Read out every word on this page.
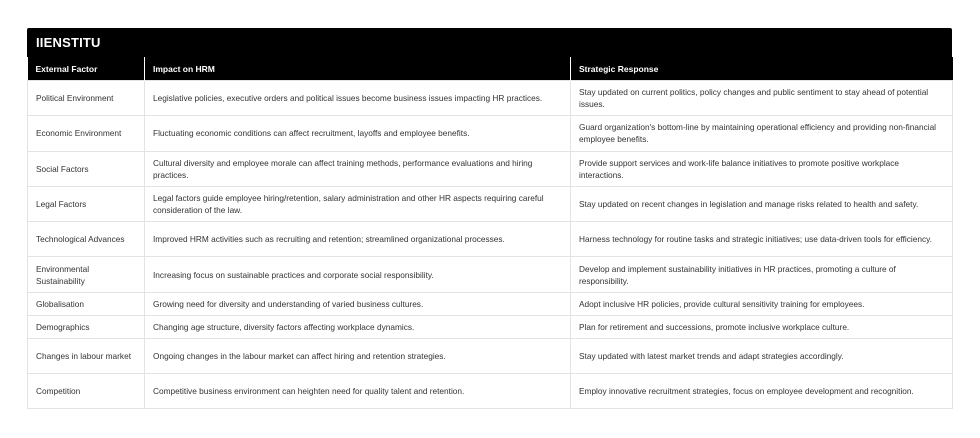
IIENSTITU
External Factor	Impact on HRM	Strategic Response
Political Environment	Legislative policies, executive orders and political issues become business issues impacting HR practices.	Stay updated on current politics, policy changes and public sentiment to stay ahead of potential issues.
Economic Environment	Fluctuating economic conditions can affect recruitment, layoffs and employee benefits.	Guard organization's bottom-line by maintaining operational efficiency and providing non-financial employee benefits.
Social Factors	Cultural diversity and employee morale can affect training methods, performance evaluations and hiring practices.	Provide support services and work-life balance initiatives to promote positive workplace interactions.
Legal Factors	Legal factors guide employee hiring/retention, salary administration and other HR aspects requiring careful consideration of the law.	Stay updated on recent changes in legislation and manage risks related to health and safety.
Technological Advances	Improved HRM activities such as recruiting and retention; streamlined organizational processes.	Harness technology for routine tasks and strategic initiatives; use data-driven tools for efficiency.
Environmental Sustainability	Increasing focus on sustainable practices and corporate social responsibility.	Develop and implement sustainability initiatives in HR practices, promoting a culture of responsibility.
Globalisation	Growing need for diversity and understanding of varied business cultures.	Adopt inclusive HR policies, provide cultural sensitivity training for employees.
Demographics	Changing age structure, diversity factors affecting workplace dynamics.	Plan for retirement and successions, promote inclusive workplace culture.
Changes in labour market	Ongoing changes in the labour market can affect hiring and retention strategies.	Stay updated with latest market trends and adapt strategies accordingly.
Competition	Competitive business environment can heighten need for quality talent and retention.	Employ innovative recruitment strategies, focus on employee development and recognition.
